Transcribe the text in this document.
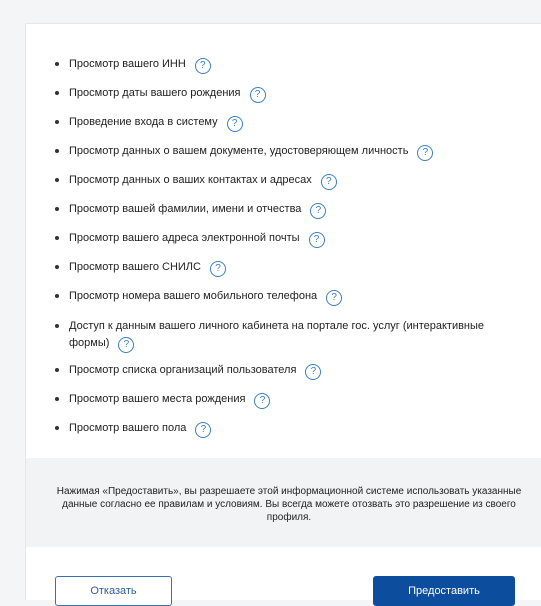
Просмотр вашего ИНН ?
Просмотр даты вашего рождения ?
Проведение входа в систему ?
Просмотр данных о вашем документе, удостоверяющем личность ?
Просмотр данных о ваших контактах и адресах ?
Просмотр вашей фамилии, имени и отчества ?
Просмотр вашего адреса электронной почты ?
Просмотр вашего СНИЛС ?
Просмотр номера вашего мобильного телефона ?
Доступ к данным вашего личного кабинета на портале гос. услуг (интерактивные формы) ?
Просмотр списка организаций пользователя ?
Просмотр вашего места рождения ?
Просмотр вашего пола ?
Нажимая «Предоставить», вы разрешаете этой информационной системе использовать указанные данные согласно ее правилам и условиям. Вы всегда можете отозвать это разрешение из своего профиля.
Отказать	Предоставить
